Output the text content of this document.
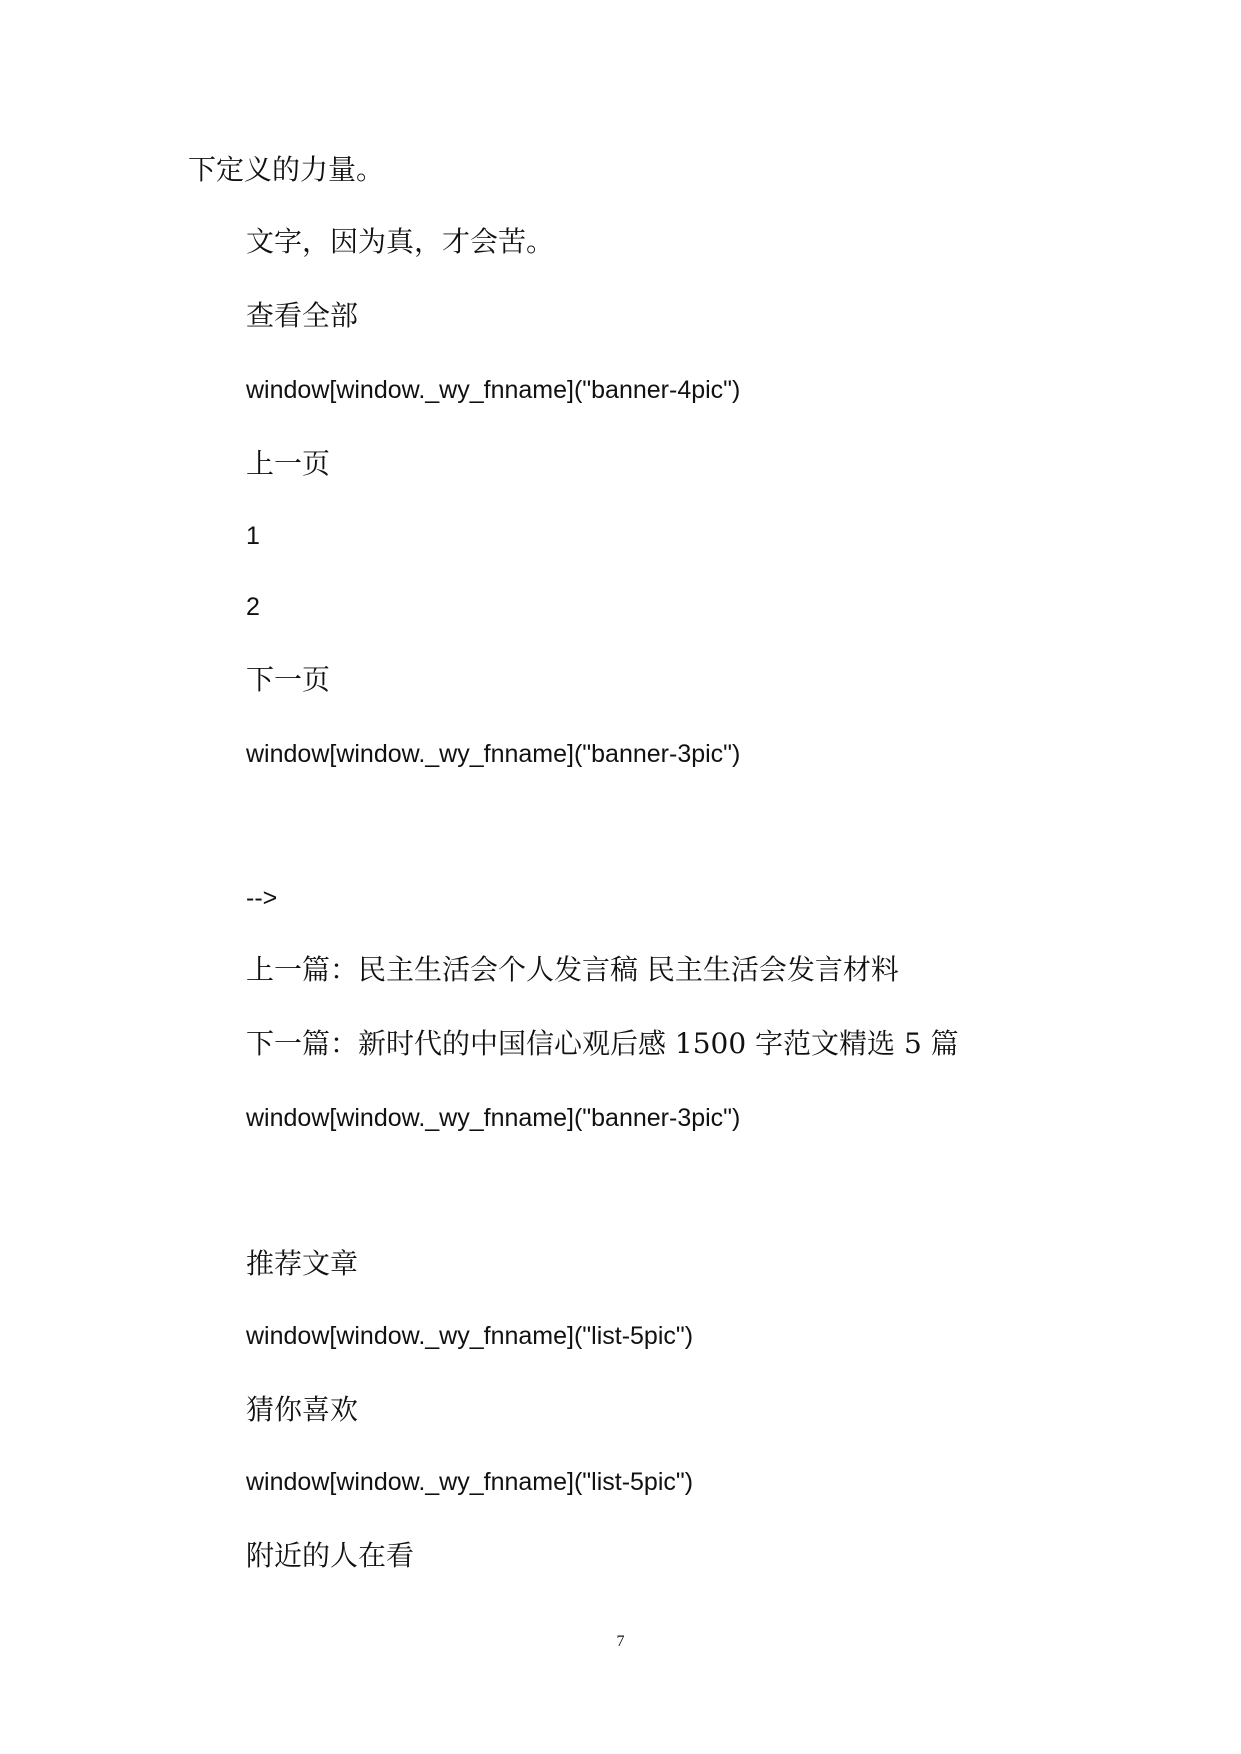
下定义的力量。
文字，因为真，才会苦。
查看全部
window[window._wy_fnname]("banner-4pic")
上一页
1
2
下一页
window[window._wy_fnname]("banner-3pic")
-->
上一篇：民主生活会个人发言稿 民主生活会发言材料
下一篇：新时代的中国信心观后感 1500 字范文精选 5 篇
window[window._wy_fnname]("banner-3pic")
推荐文章
window[window._wy_fnname]("list-5pic")
猜你喜欢
window[window._wy_fnname]("list-5pic")
附近的人在看
7
